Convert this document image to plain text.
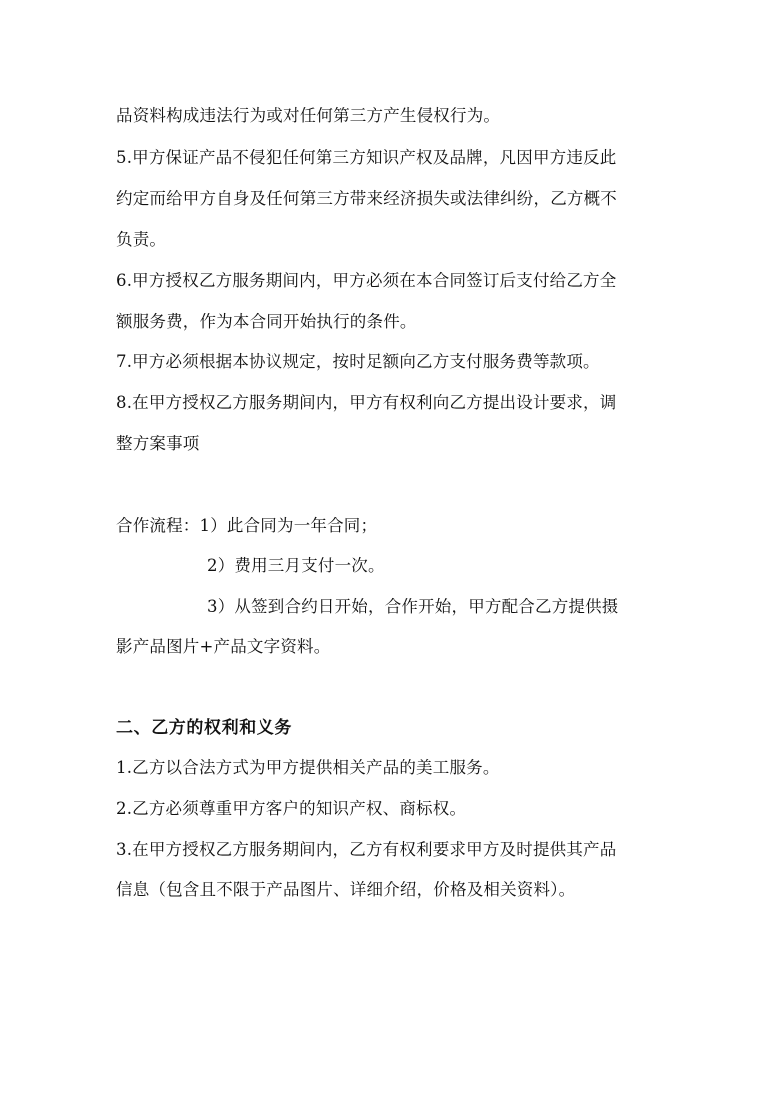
品资料构成违法行为或对任何第三方产生侵权行为。
5.甲方保证产品不侵犯任何第三方知识产权及品牌，凡因甲方违反此
约定而给甲方自身及任何第三方带来经济损失或法律纠纷，乙方概不
负责。
6.甲方授权乙方服务期间内，甲方必须在本合同签订后支付给乙方全
额服务费，作为本合同开始执行的条件。
7.甲方必须根据本协议规定，按时足额向乙方支付服务费等款项。
8.在甲方授权乙方服务期间内，甲方有权利向乙方提出设计要求，调
整方案事项
合作流程：1）此合同为一年合同；
2）费用三月支付一次。
3）从签到合约日开始，合作开始，甲方配合乙方提供摄
影产品图片+产品文字资料。
二、乙方的权利和义务
1.乙方以合法方式为甲方提供相关产品的美工服务。
2.乙方必须尊重甲方客户的知识产权、商标权。
3.在甲方授权乙方服务期间内，乙方有权利要求甲方及时提供其产品
信息（包含且不限于产品图片、详细介绍，价格及相关资料）。
